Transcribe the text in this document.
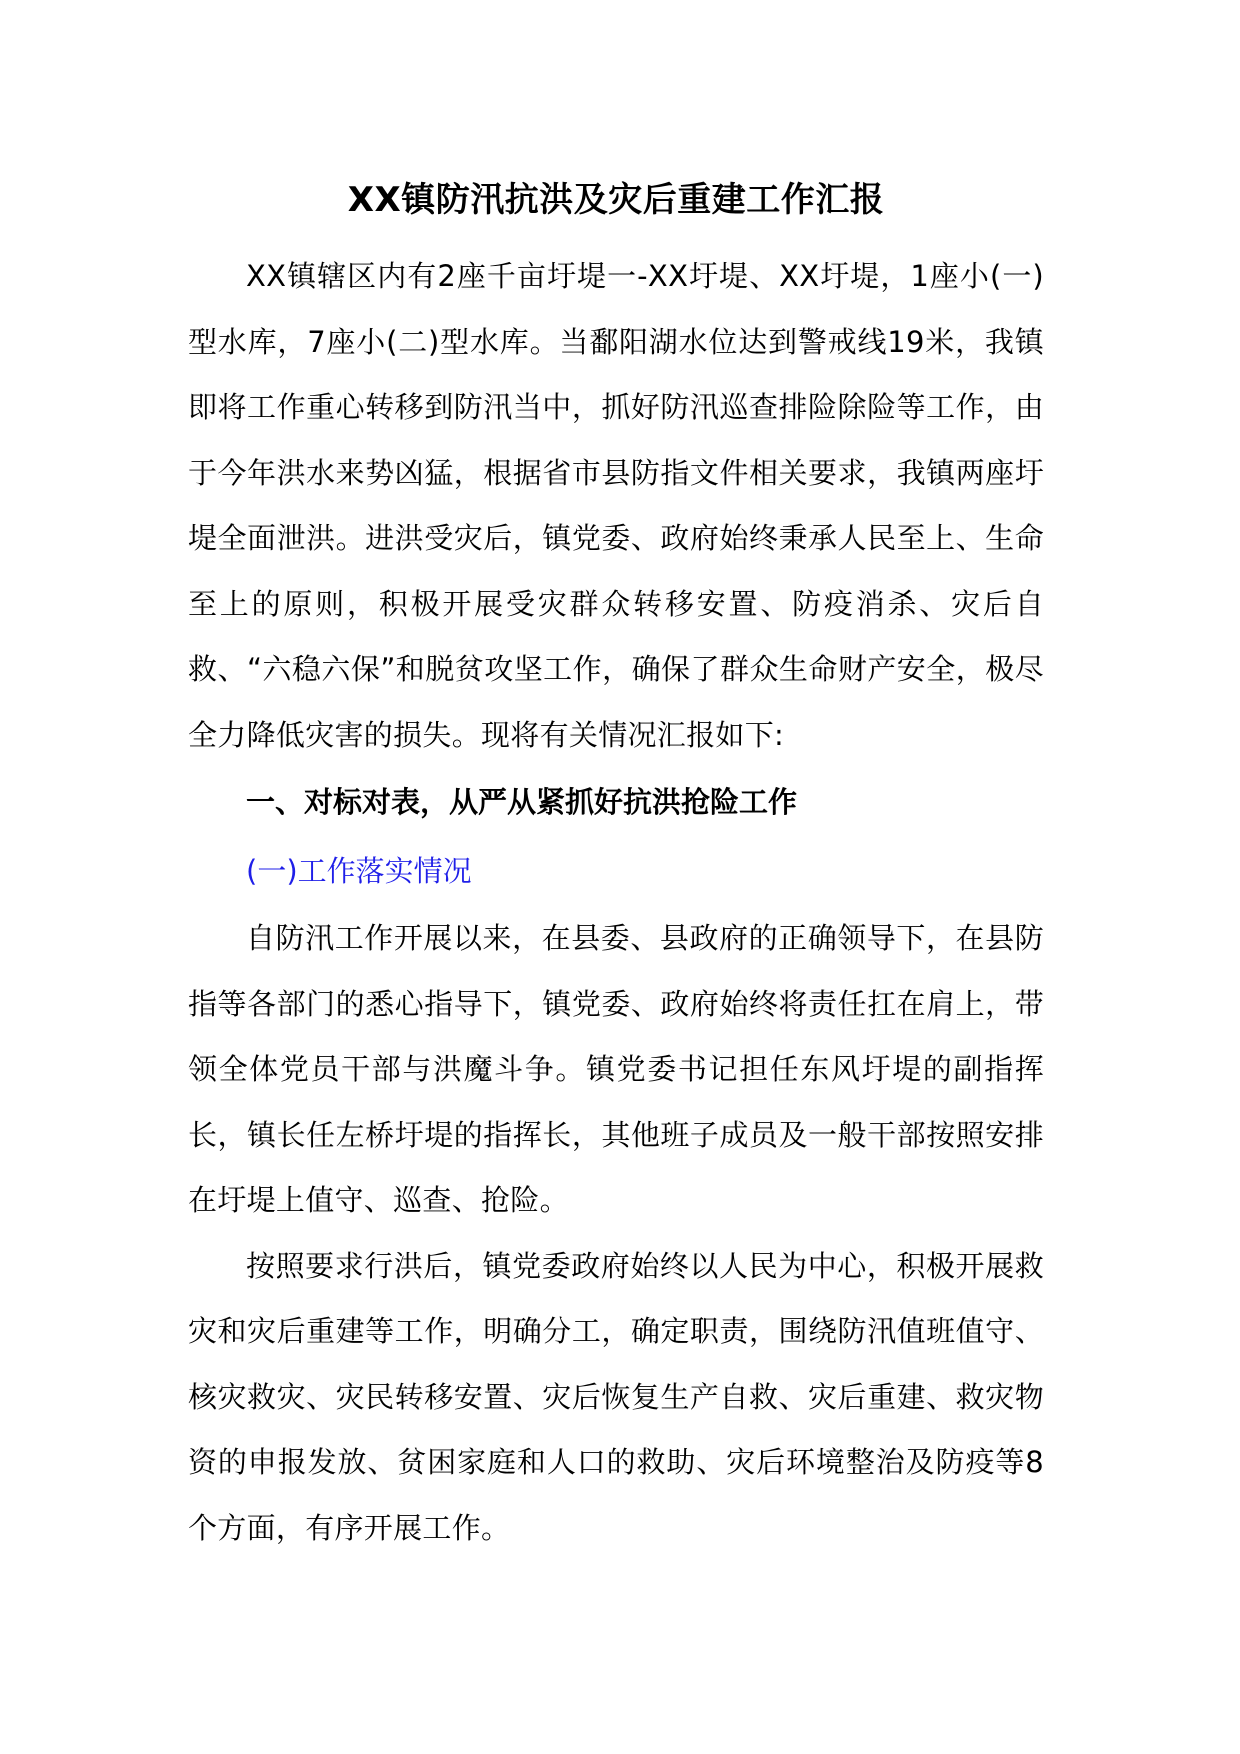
XX镇防汛抗洪及灾后重建工作汇报

XX镇辖区内有2座千亩圩堤一-XX圩堤、XX圩堤，1座小(一)型水库，7座小(二)型水库。当鄱阳湖水位达到警戒线19米，我镇即将工作重心转移到防汛当中，抓好防汛巡查排险除险等工作，由于今年洪水来势凶猛，根据省市县防指文件相关要求，我镇两座圩堤全面泄洪。进洪受灾后，镇党委、政府始终秉承人民至上、生命至上的原则，积极开展受灾群众转移安置、防疫消杀、灾后自救、“六稳六保”和脱贫攻坚工作，确保了群众生命财产安全，极尽全力降低灾害的损失。现将有关情况汇报如下:

一、对标对表，从严从紧抓好抗洪抢险工作

(一)工作落实情况

自防汛工作开展以来，在县委、县政府的正确领导下，在县防指等各部门的悉心指导下，镇党委、政府始终将责任扛在肩上，带领全体党员干部与洪魔斗争。镇党委书记担任东风圩堤的副指挥长，镇长任左桥圩堤的指挥长，其他班子成员及一般干部按照安排在圩堤上值守、巡查、抢险。

按照要求行洪后，镇党委政府始终以人民为中心，积极开展救灾和灾后重建等工作，明确分工，确定职责，围绕防汛值班值守、核灾救灾、灾民转移安置、灾后恢复生产自救、灾后重建、救灾物资的申报发放、贫困家庭和人口的救助、灾后环境整治及防疫等8个方面，有序开展工作。
